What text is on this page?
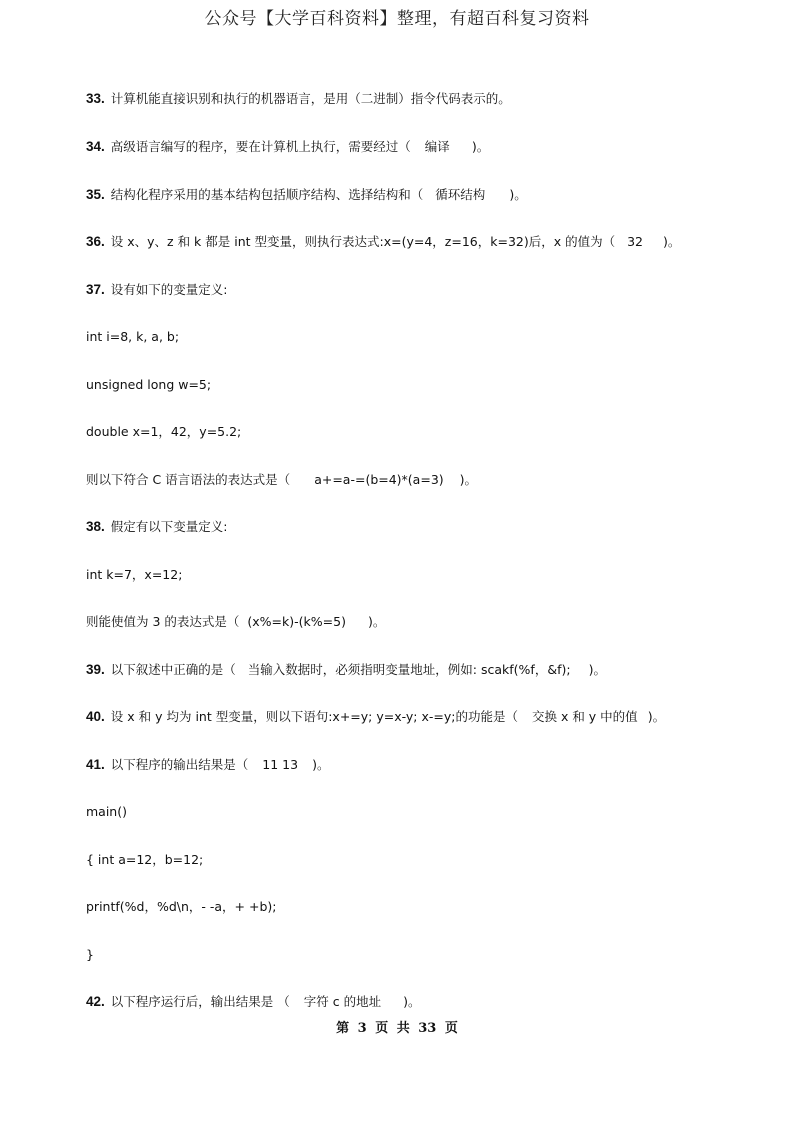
公众号【大学百科资料】整理，有超百科复习资料
33. 计算机能直接识别和执行的机器语言，是用（二进制）指令代码表示的。
34. 高级语言编写的程序，要在计算机上执行，需要经过（ 编译 )。
35. 结构化程序采用的基本结构包括顺序结构、选择结构和（ 循环结构 )。
36. 设 x、y、z 和 k 都是 int 型变量，则执行表达式:x=(y=4，z=16，k=32)后，x 的值为（ 32 )。
37. 设有如下的变量定义:
int i=8, k, a, b;
unsigned long w=5;
double x=1，42，y=5.2;
则以下符合 C 语言语法的表达式是（ a+=a-=(b=4)*(a=3) )。
38. 假定有以下变量定义:
int k=7，x=12;
则能使值为 3 的表达式是（ (x%=k)-(k%=5) )。
39. 以下叙述中正确的是（ 当输入数据时，必须指明变量地址，例如: scakf(%f，&f); )。
40. 设 x 和 y 均为 int 型变量，则以下语句:x+=y; y=x-y; x-=y;的功能是（ 交换 x 和 y 中的值 )。
41. 以下程序的输出结果是（ 11 13 )。
main()
{ int a=12，b=12;
printf(%d，%d\n，- -a，+ +b);
}
42. 以下程序运行后，输出结果是 （ 字符 c 的地址 )。
第 3 页 共 33 页
